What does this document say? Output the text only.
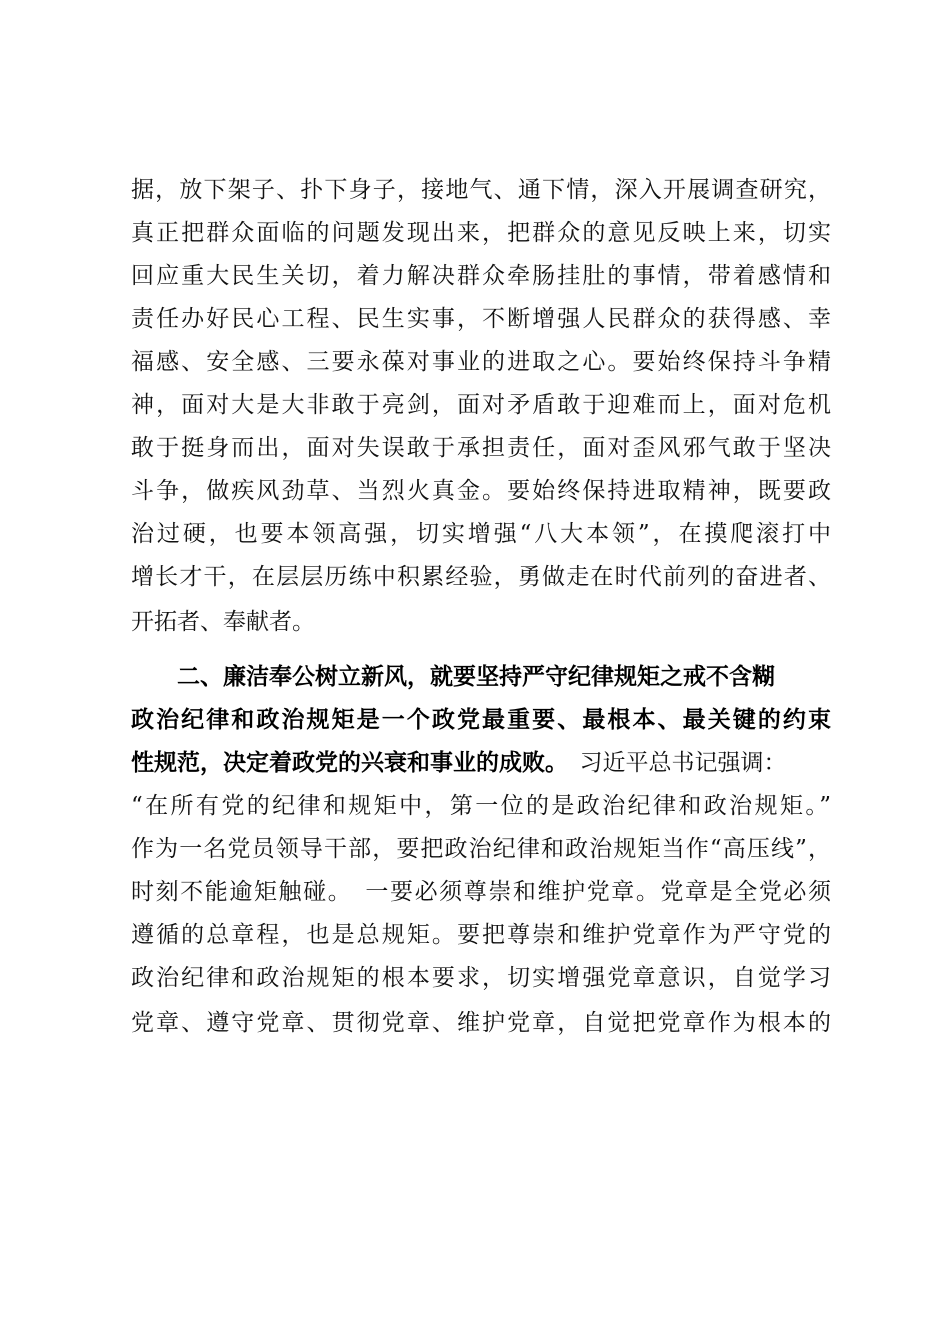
据，放下架子、扑下身子，接地气、通下情，深入开展调查研究，
真正把群众面临的问题发现出来，把群众的意见反映上来，切实
回应重大民生关切，着力解决群众牵肠挂肚的事情，带着感情和
责任办好民心工程、民生实事，不断增强人民群众的获得感、幸
福感、安全感、三要永葆对事业的进取之心。要始终保持斗争精
神，面对大是大非敢于亮剑，面对矛盾敢于迎难而上，面对危机
敢于挺身而出，面对失误敢于承担责任，面对歪风邪气敢于坚决
斗争，做疾风劲草、当烈火真金。要始终保持进取精神，既要政
治过硬，也要本领高强，切实增强“八大本领”，在摸爬滚打中
增长才干，在层层历练中积累经验，勇做走在时代前列的奋进者、
开拓者、奉献者。
二、廉洁奉公树立新风，就要坚持严守纪律规矩之戒不含糊
政治纪律和政治规矩是一个政党最重要、最根本、最关键的约束
性规范，决定着政党的兴衰和事业的成败。　习近平总书记强调：
“在所有党的纪律和规矩中，第一位的是政治纪律和政治规矩。”
作为一名党员领导干部，要把政治纪律和政治规矩当作“高压线”，
时刻不能逾矩触碰。　一要必须尊崇和维护党章。党章是全党必须
遵循的总章程，也是总规矩。要把尊崇和维护党章作为严守党的
政治纪律和政治规矩的根本要求，切实增强党章意识，自觉学习
党章、遵守党章、贯彻党章、维护党章，自觉把党章作为根本的
